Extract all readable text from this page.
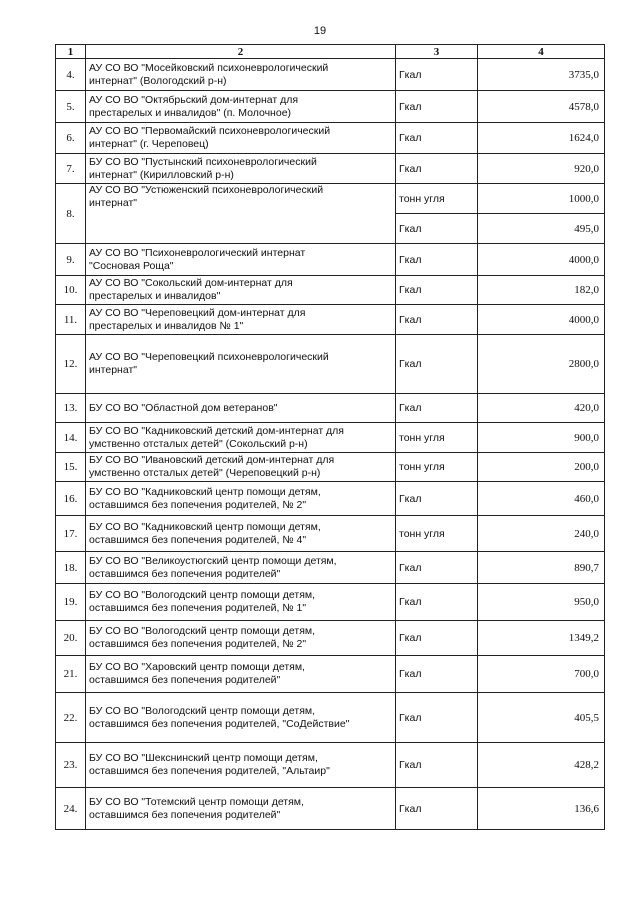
19
1	2	3	4
4.	АУ СО ВО "Мосейковский психоневрологический
интернат" (Вологодский р-н)	Гкал	3735,0
5.	АУ СО ВО "Октябрьский дом-интернат для
престарелых и инвалидов" (п. Молочное)	Гкал	4578,0
6.	АУ СО ВО "Первомайский психоневрологический
интернат" (г. Череповец)	Гкал	1624,0
7.	БУ СО ВО "Пустынский психоневрологический
интернат" (Кирилловский р-н)	Гкал	920,0
8.	АУ СО ВО "Устюженский психоневрологический
интернат"	тонн угля	1000,0
		Гкал	495,0
9.	АУ СО ВО "Психоневрологический интернат
"Сосновая Роща"	Гкал	4000,0
10.	АУ СО ВО "Сокольский дом-интернат для
престарелых и инвалидов"	Гкал	182,0
11.	АУ СО ВО "Череповецкий дом-интернат для
престарелых и инвалидов № 1"	Гкал	4000,0
12.	АУ СО ВО "Череповецкий психоневрологический
интернат"	Гкал	2800,0
13.	БУ СО ВО "Областной дом ветеранов"	Гкал	420,0
14.	БУ СО ВО "Кадниковский детский дом-интернат для
умственно отсталых детей" (Сокольский р-н)	тонн угля	900,0
15.	БУ СО ВО "Ивановский детский дом-интернат для
умственно отсталых детей" (Череповецкий р-н)	тонн угля	200,0
16.	БУ СО ВО "Кадниковский центр помощи детям,
оставшимся без попечения родителей, № 2"	Гкал	460,0
17.	БУ СО ВО "Кадниковский центр помощи детям,
оставшимся без попечения родителей, № 4"	тонн угля	240,0
18.	БУ СО ВО "Великоустюгский центр помощи детям,
оставшимся без попечения родителей"	Гкал	890,7
19.	БУ СО ВО "Вологодский центр помощи детям,
оставшимся без попечения родителей, № 1"	Гкал	950,0
20.	БУ СО ВО "Вологодский центр помощи детям,
оставшимся без попечения родителей, № 2"	Гкал	1349,2
21.	БУ СО ВО "Харовский центр помощи детям,
оставшимся без попечения родителей"	Гкал	700,0
22.	БУ СО ВО "Вологодский центр помощи детям,
оставшимся без попечения родителей, "СоДействие"	Гкал	405,5
23.	БУ СО ВО "Шекснинский центр помощи детям,
оставшимся без попечения родителей, "Альтаир"	Гкал	428,2
24.	БУ СО ВО "Тотемский центр помощи детям,
оставшимся без попечения родителей"	Гкал	136,6
